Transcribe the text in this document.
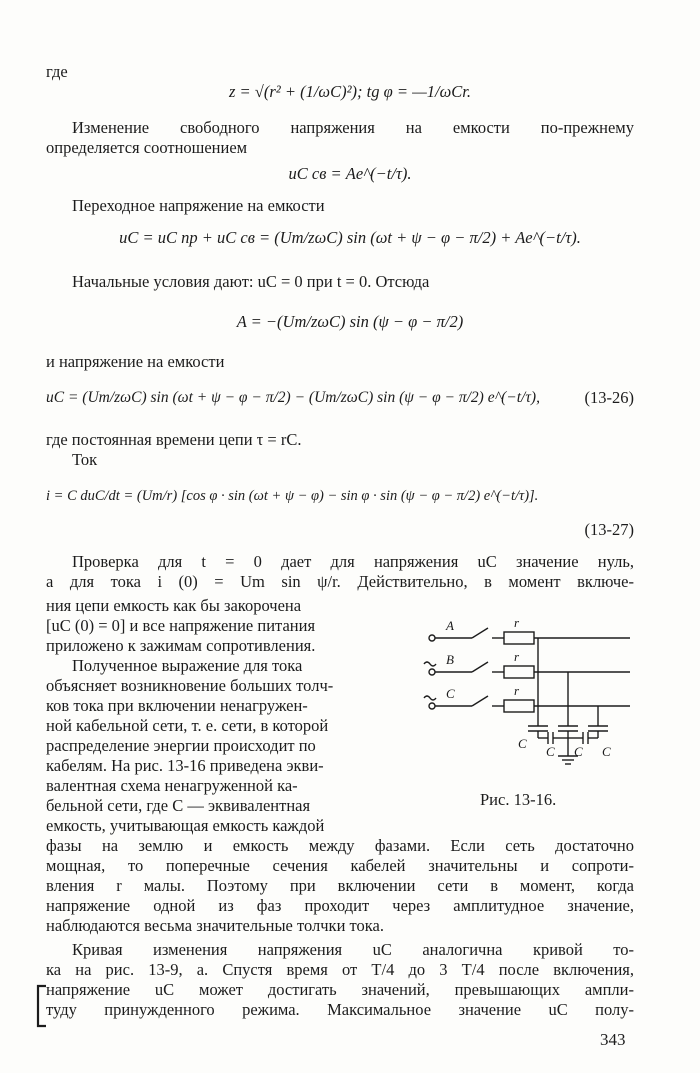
где
z = √(r² + (1/ωC)²); tg φ = —1/ωCr.
Изменение свободного напряжения на емкости по-прежнему
определяется соотношением
uC св = Ae^(−t/τ).
Переходное напряжение на емкости
uC = uC пр + uC св = (Um/zωC) sin (ωt + ψ − φ − π/2) + Ae^(−t/τ).
Начальные условия дают: uC = 0 при t = 0. Отсюда
A = −(Um/zωC) sin (ψ − φ − π/2)
и напряжение на емкости
uC = (Um/zωC) sin (ωt + ψ − φ − π/2) − (Um/zωC) sin (ψ − φ − π/2) e^(−t/τ),	(13-26)
где постоянная времени цепи τ = rC.
Ток
i = C duC/dt = (Um/r) [cos φ · sin (ωt + ψ − φ) − sin φ · sin (ψ − φ − π/2) e^(−t/τ)].
(13-27)
Проверка для t = 0 дает для напряжения uC значение нуль,
а для тока i (0) = Um sin ψ/r. Действительно, в момент включе-
ния цепи емкость как бы закорочена
[uC (0) = 0] и все напряжение питания
приложено к зажимам сопротивления.
Полученное выражение для тока
объясняет возникновение больших толч-
ков тока при включении ненагружен-
ной кабельной сети, т. е. сети, в которой
распределение энергии происходит по
кабелям. На рис. 13-16 приведена экви-
валентная схема ненагруженной ка-
бельной сети, где C — эквивалентная
емкость, учитывающая емкость каждой
фазы на землю и емкость между фазами. Если сеть достаточно
мощная, то поперечные сечения кабелей значительны и сопроти-
вления r малы. Поэтому при включении сети в момент, когда
напряжение одной из фаз проходит через амплитудное значение,
наблюдаются весьма значительные толчки тока.
Кривая изменения напряжения uC аналогична кривой то-
ка на рис. 13-9, а. Спустя время от T/4 до 3 T/4 после включения,
напряжение uC может достигать значений, превышающих ампли-
туду принужденного режима. Максимальное значение uC полу-
A
B
C
r
r
r
C
C C C
Рис. 13-16.
343
